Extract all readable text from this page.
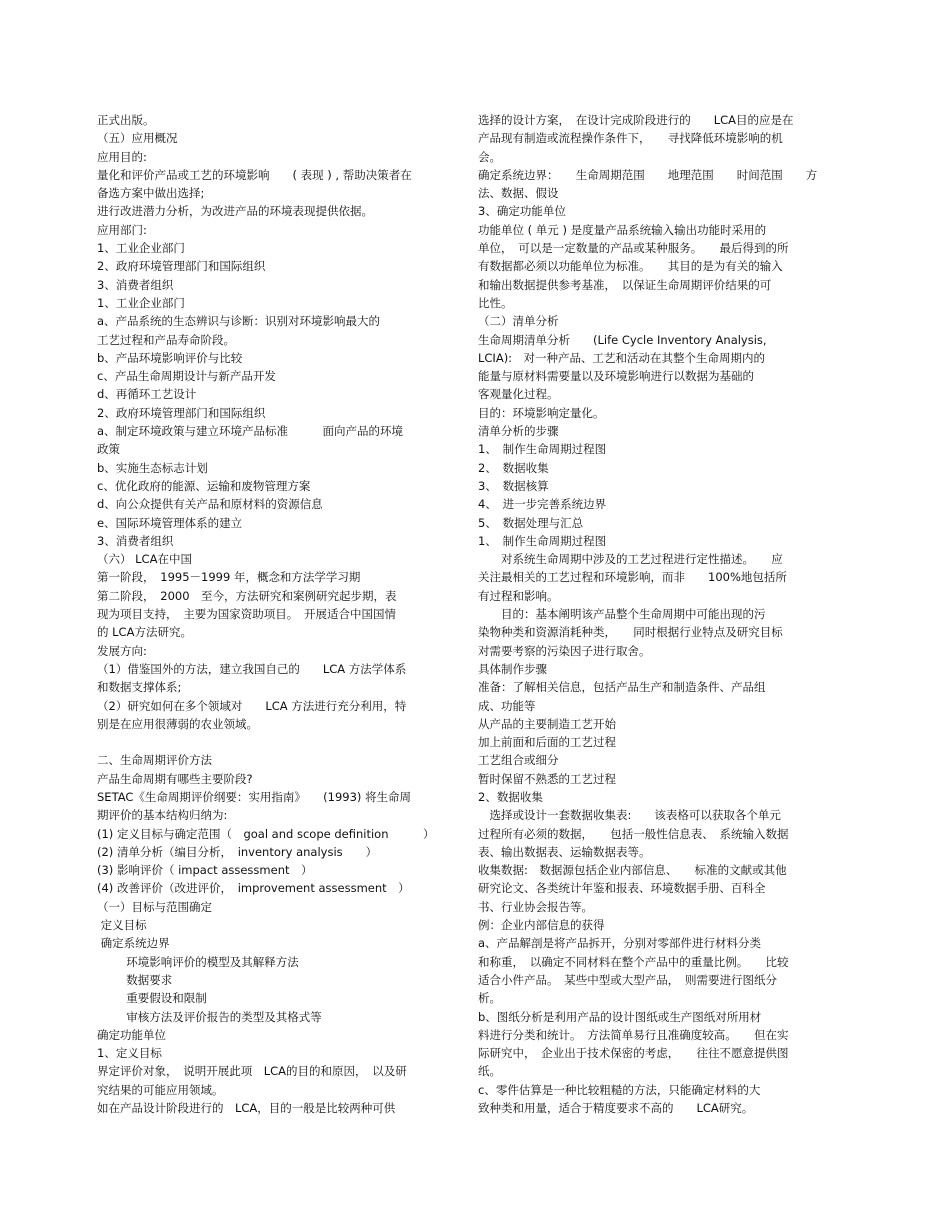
正式出版。
（五）应用概况
应用目的:
量化和评价产品或工艺的环境影响　　( 表现 ) , 帮助决策者在
备选方案中做出选择;
进行改进潜力分析，为改进产品的环境表现提供依据。
应用部门:
1、工业企业部门
2、政府环境管理部门和国际组织
3、消费者组织
1、工业企业部门
a、产品系统的生态辨识与诊断：识别对环境影响最大的
工艺过程和产品寿命阶段。
b、产品环境影响评价与比较
c、产品生命周期设计与新产品开发
d、再循环工艺设计
2、政府环境管理部门和国际组织
a、制定环境政策与建立环境产品标准　　　面向产品的环境
政策
b、实施生态标志计划
c、优化政府的能源、运输和废物管理方案
d、向公众提供有关产品和原材料的资源信息
e、国际环境管理体系的建立
3、消费者组织
（六） LCA在中国
第一阶段，　1995－1999 年，概念和方法学学习期
第二阶段，　2000　至今，方法研究和案例研究起步期，表
现为项目支持，　主要为国家资助项目。　开展适合中国国情
的 LCA方法研究。
发展方向:
（1）借鉴国外的方法，建立我国自己的　　LCA 方法学体系
和数据支撑体系;
（2）研究如何在多个领域对　　LCA 方法进行充分利用，特
别是在应用很薄弱的农业领域。
二、生命周期评价方法
产品生命周期有哪些主要阶段?
SETAC《生命周期评价纲要：实用指南》　　(1993) 将生命周
期评价的基本结构归纳为:
(1) 定义目标与确定范围（　goal and scope definition　　　）
(2) 清单分析（编目分析，　inventory analysis　　）
(3) 影响评价（ impact assessment　）
(4) 改善评价（改进评价，　improvement assessment　）
（一）目标与范围确定
定义目标
确定系统边界
环境影响评价的模型及其解释方法
数据要求
重要假设和限制
审核方法及评价报告的类型及其格式等
确定功能单位
1、定义目标
界定评价对象，　说明开展此项　LCA的目的和原因，　以及研
究结果的可能应用领域。
如在产品设计阶段进行的　LCA，目的一般是比较两种可供
选择的设计方案，　在设计完成阶段进行的　　LCA目的应是在
产品现有制造或流程操作条件下，　　寻找降低环境影响的机
会。
确定系统边界：　　生命周期范围　　地理范围　　时间范围　　方
法、数据、假设
3、确定功能单位
功能单位 ( 单元 ) 是度量产品系统输入输出功能时采用的
单位，　可以是一定数量的产品或某种服务。　　最后得到的所
有数据都必须以功能单位为标准。　　其目的是为有关的输入
和输出数据提供参考基准，　以保证生命周期评价结果的可
比性。
（二）清单分析
生命周期清单分析　　(Life Cycle Inventory Analysis,
LCIA):　对一种产品、工艺和活动在其整个生命周期内的
能量与原材料需要量以及环境影响进行以数据为基础的
客观量化过程。
目的：环境影响定量化。
清单分析的步骤
1、　制作生命周期过程图
2、　数据收集
3、　数据核算
4、　进一步完善系统边界
5、　数据处理与汇总
1、　制作生命周期过程图
　　对系统生命周期中涉及的工艺过程进行定性描述。　　应
关注最相关的工艺过程和环境影响，而非　　100%地包括所
有过程和影响。
　　目的：基本阐明该产品整个生命周期中可能出现的污
染物种类和资源消耗种类，　　同时根据行业特点及研究目标
对需要考察的污染因子进行取舍。
具体制作步骤
准备：了解相关信息，包括产品生产和制造条件、产品组
成、功能等
从产品的主要制造工艺开始
加上前面和后面的工艺过程
工艺组合或细分
暂时保留不熟悉的工艺过程
2、数据收集
　选择或设计一套数据收集表:　　该表格可以获取各个单元
过程所有必须的数据，　　包括一般性信息表、　系统输入数据
表、输出数据表、运输数据表等。
收集数据:　数据源包括企业内部信息、　　标准的文献或其他
研究论文、各类统计年鉴和报表、环境数据手册、百科全
书、行业协会报告等。
例：企业内部信息的获得
a、产品解剖是将产品拆开，分别对零部件进行材料分类
和称重，　以确定不同材料在整个产品中的重量比例。　　比较
适合小件产品。　某些中型或大型产品，　则需要进行图纸分
析。
b、图纸分析是利用产品的设计图纸或生产图纸对所用材
料进行分类和统计。　方法简单易行且准确度较高。　　但在实
际研究中，　企业出于技术保密的考虑，　　往往不愿意提供图
纸。
c、零件估算是一种比较粗糙的方法，只能确定材料的大
致种类和用量，适合于精度要求不高的　　LCA研究。
